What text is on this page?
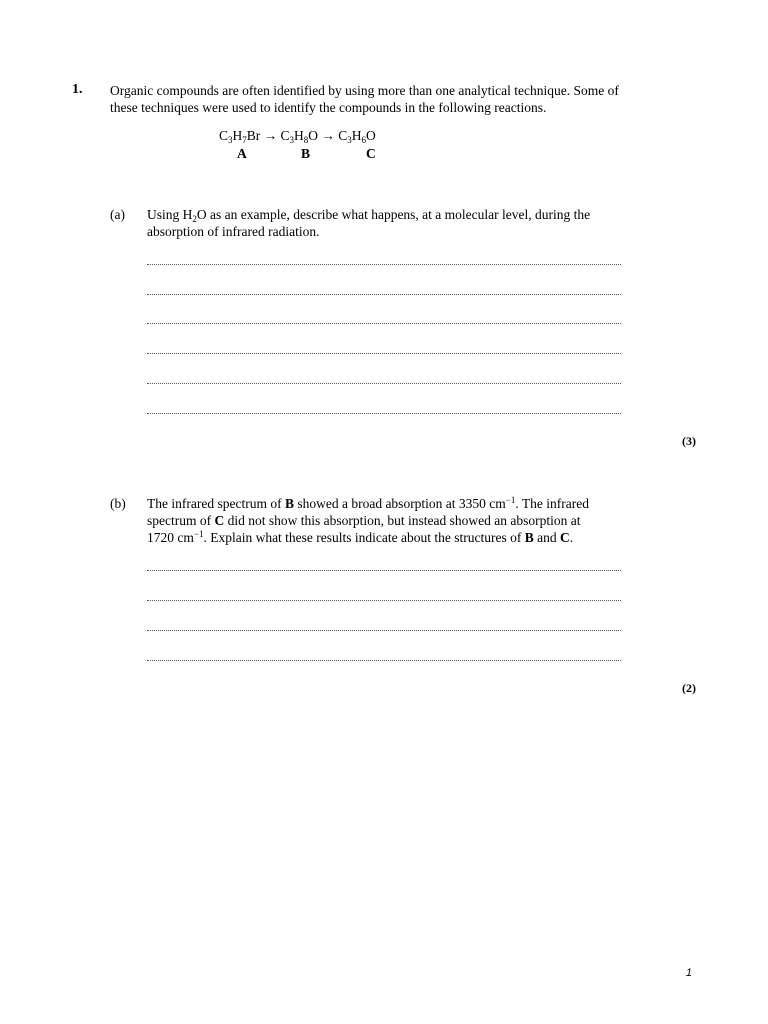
1. Organic compounds are often identified by using more than one analytical technique. Some of
these techniques were used to identify the compounds in the following reactions.
$C_3H_7Br \to C_3H_8O \to C_3H_6O$
A	B	C
(a) Using $H_2O$ as an example, describe what happens, at a molecular level, during the
absorption of infrared radiation.
(3)
(b) The infrared spectrum of B showed a broad absorption at 3350 $cm^{-1}$. The infrared
spectrum of C did not show this absorption, but instead showed an absorption at
1720 $cm^{-1}$. Explain what these results indicate about the structures of B and C.
(2)
1
